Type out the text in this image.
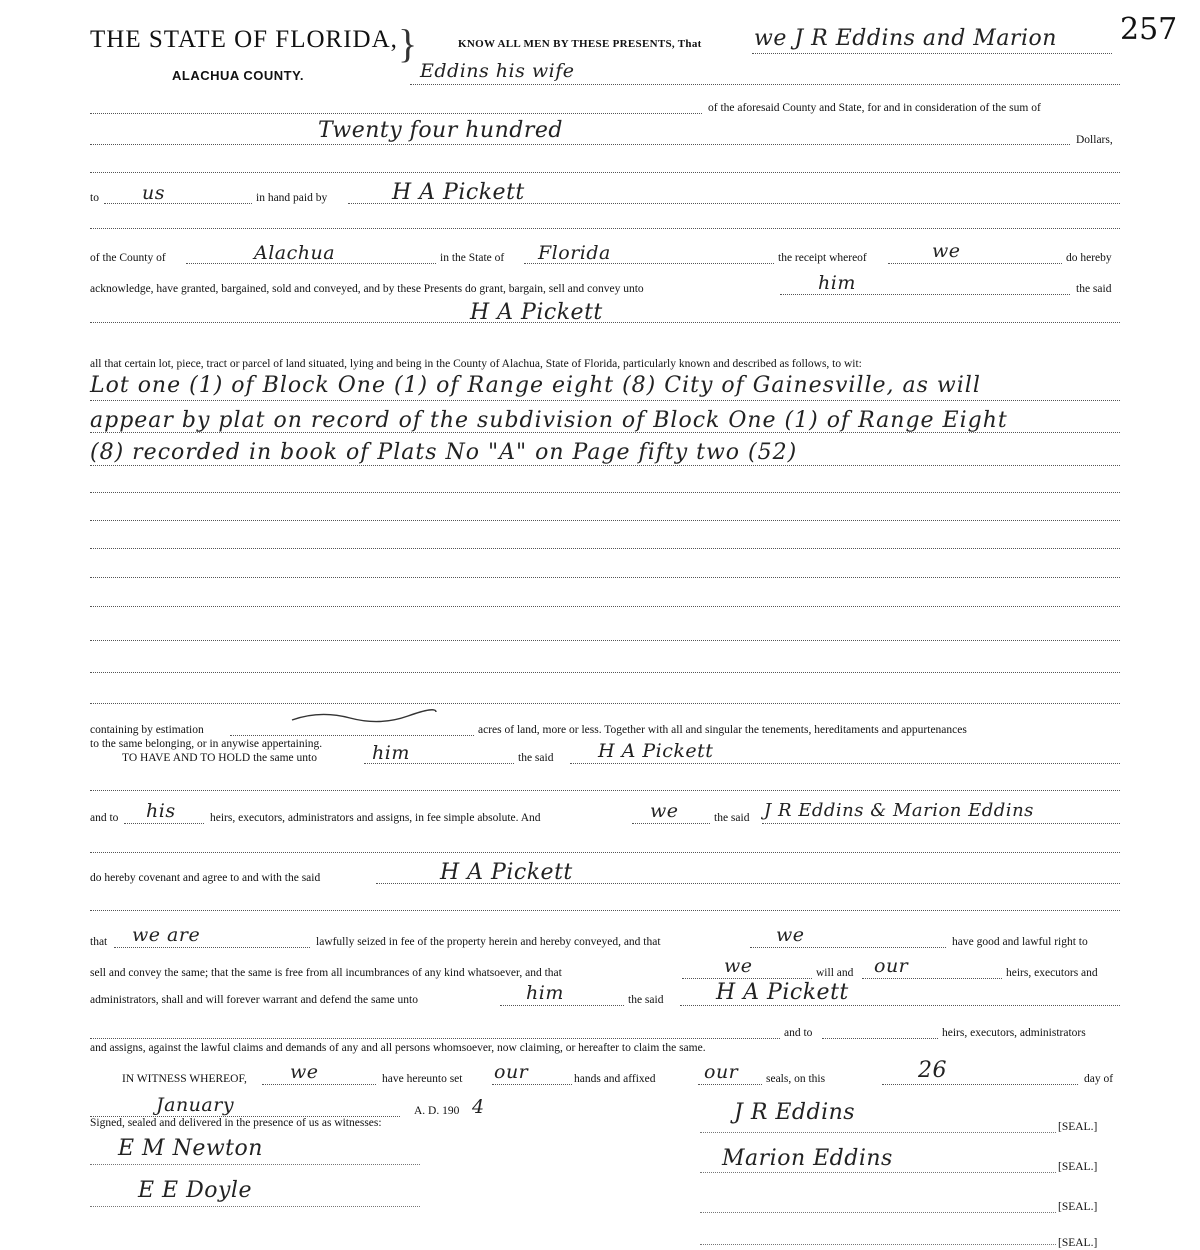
THE STATE OF FLORIDA, }
ALACHUA COUNTY.
KNOW ALL MEN BY THESE PRESENTS, That we J R Eddins and Marion 257
Eddins his wife
of the aforesaid County and State, for and in consideration of the sum of
Twenty four hundred	Dollars,
to us	in hand paid by	H A Pickett
of the County of	Alachua	in the State of Florida	the receipt whereof	we	do hereby
acknowledge, have granted, bargained, sold and conveyed, and by these Presents do grant, bargain, sell and convey unto	him	the said
H A Pickett
all that certain lot, piece, tract or parcel of land situated, lying and being in the County of Alachua, State of Florida, particularly known and described as follows, to wit:
Lot one (1) of Block One (1) of Range eight (8) City of Gainesville, as will
appear by plat on record of the subdivision of Block One (1) of Range Eight
(8) recorded in book of Plats No "A" on Page fifty two (52)
containing by estimation	acres of land, more or less. Together with all and singular the tenements, hereditaments and appurtenances
to the same belonging, or in anywise appertaining.
TO HAVE AND TO HOLD the same unto	him	the said H A Pickett
and to his	heirs, executors, administrators and assigns, in fee simple absolute. And	we	the said J R Eddins & Marion Eddins
do hereby covenant and agree to and with the said	H A Pickett
that we are	lawfully seized in fee of the property herein and hereby conveyed, and that	we	have good and lawful right to
sell and convey the same; that the same is free from all incumbrances of any kind whatsoever, and that	we	will and our	heirs, executors and
administrators, shall and will forever warrant and defend the same unto	him	the said H A Pickett
and to	heirs, executors, administrators
and assigns, against the lawful claims and demands of any and all persons whomsoever, now claiming, or hereafter to claim the same.
IN WITNESS WHEREOF, we	have hereunto set our	hands and affixed	our seals, on this	26	day of
January	A. D. 190 4
Signed, sealed and delivered in the presence of us as witnesses:
E M Newton
E E Doyle
J R Eddins
[SEAL.]
Marion Eddins	[SEAL.]
[SEAL.]
[SEAL.]
